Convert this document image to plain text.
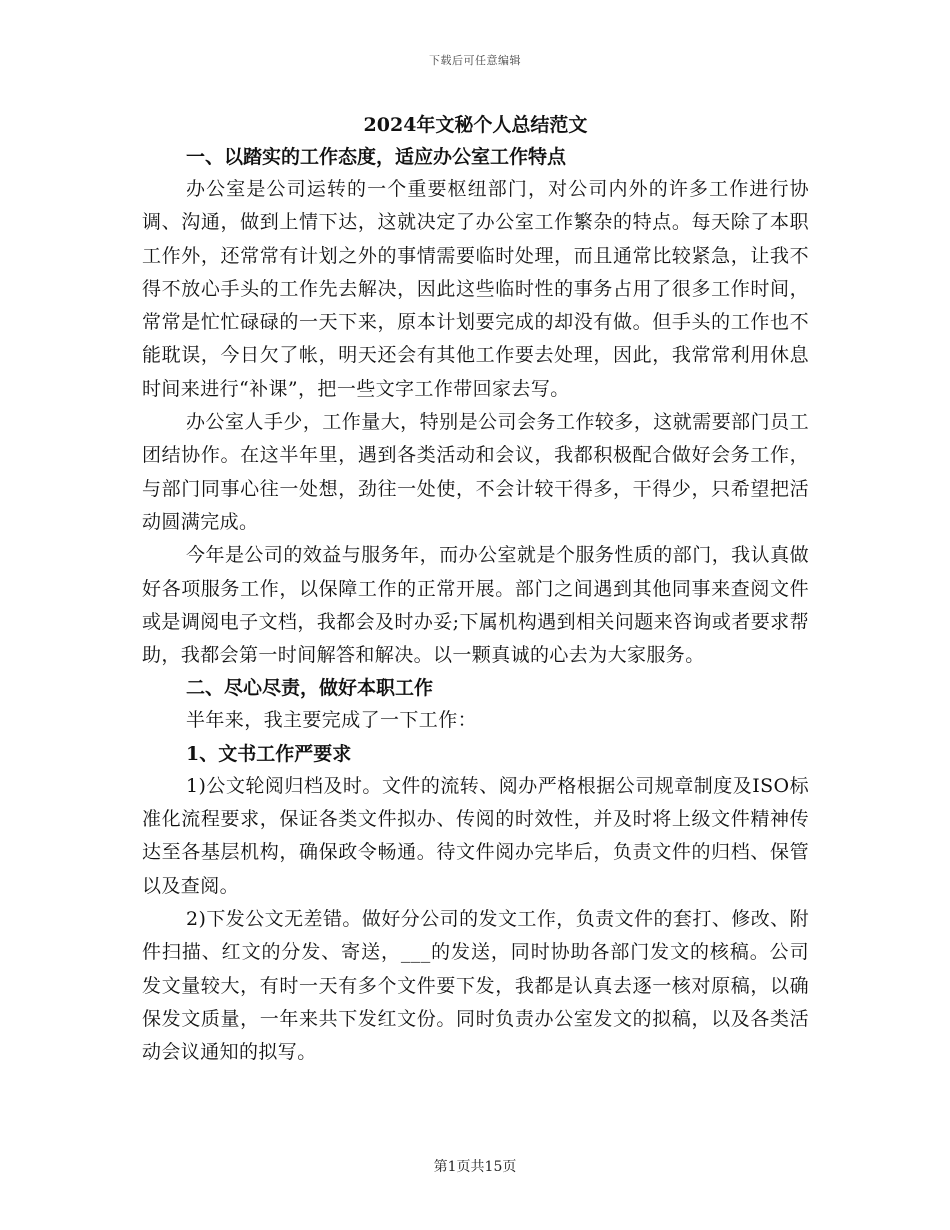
下载后可任意编辑
2024年文秘个人总结范文
一、以踏实的工作态度，适应办公室工作特点

办公室是公司运转的一个重要枢纽部门，对公司内外的许多工作进行协调、沟通，做到上情下达，这就决定了办公室工作繁杂的特点。每天除了本职工作外，还常常有计划之外的事情需要临时处理，而且通常比较紧急，让我不得不放心手头的工作先去解决，因此这些临时性的事务占用了很多工作时间，常常是忙忙碌碌的一天下来，原本计划要完成的却没有做。但手头的工作也不能耽误，今日欠了帐，明天还会有其他工作要去处理，因此，我常常利用休息时间来进行“补课”，把一些文字工作带回家去写。

办公室人手少，工作量大，特别是公司会务工作较多，这就需要部门员工团结协作。在这半年里，遇到各类活动和会议，我都积极配合做好会务工作，与部门同事心往一处想，劲往一处使，不会计较干得多，干得少，只希望把活动圆满完成。

今年是公司的效益与服务年，而办公室就是个服务性质的部门，我认真做好各项服务工作，以保障工作的正常开展。部门之间遇到其他同事来查阅文件或是调阅电子文档，我都会及时办妥;下属机构遇到相关问题来咨询或者要求帮助，我都会第一时间解答和解决。以一颗真诚的心去为大家服务。

二、尽心尽责，做好本职工作

半年来，我主要完成了一下工作：

1、文书工作严要求

1)公文轮阅归档及时。文件的流转、阅办严格根据公司规章制度及ISO标准化流程要求，保证各类文件拟办、传阅的时效性，并及时将上级文件精神传达至各基层机构，确保政令畅通。待文件阅办完毕后，负责文件的归档、保管以及查阅。

2)下发公文无差错。做好分公司的发文工作，负责文件的套打、修改、附件扫描、红文的分发、寄送，___的发送，同时协助各部门发文的核稿。公司发文量较大，有时一天有多个文件要下发，我都是认真去逐一核对原稿，以确保发文质量，一年来共下发红文份。同时负责办公室发文的拟稿，以及各类活动会议通知的拟写。

第1页共15页
